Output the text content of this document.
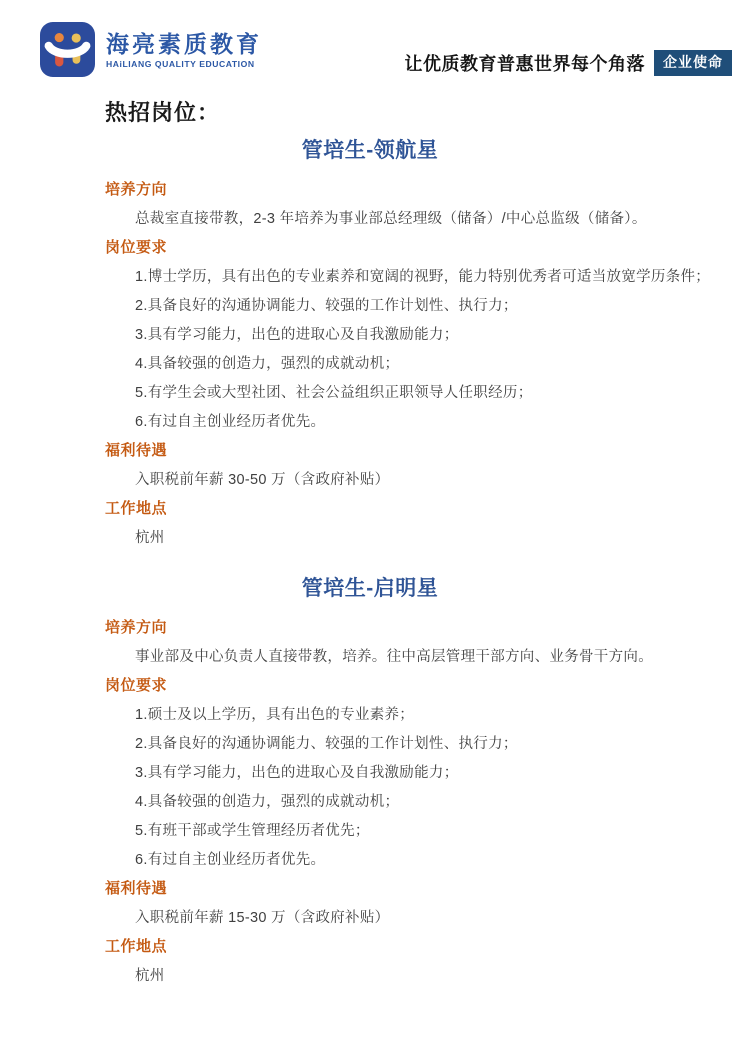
海亮素质教育
HAiLIANG QUALITY EDUCATION	让优质教育普惠世界每个角落	企业使命
热招岗位：
管培生-领航星
培养方向

总裁室直接带教，2-3 年培养为事业部总经理级（储备）/中心总监级（储备）。

岗位要求

1.博士学历，具有出色的专业素养和宽阔的视野，能力特别优秀者可适当放宽学历条件；

2.具备良好的沟通协调能力、较强的工作计划性、执行力；

3.具有学习能力，出色的进取心及自我激励能力；

4.具备较强的创造力，强烈的成就动机；

5.有学生会或大型社团、社会公益组织正职领导人任职经历；

6.有过自主创业经历者优先。

福利待遇

入职税前年薪 30-50 万（含政府补贴）

工作地点

杭州

管培生-启明星
培养方向

事业部及中心负责人直接带教，培养。往中高层管理干部方向、业务骨干方向。

岗位要求

1.硕士及以上学历，具有出色的专业素养；

2.具备良好的沟通协调能力、较强的工作计划性、执行力；

3.具有学习能力，出色的进取心及自我激励能力；

4.具备较强的创造力，强烈的成就动机；

5.有班干部或学生管理经历者优先；

6.有过自主创业经历者优先。

福利待遇

入职税前年薪 15-30 万（含政府补贴）

工作地点

杭州
